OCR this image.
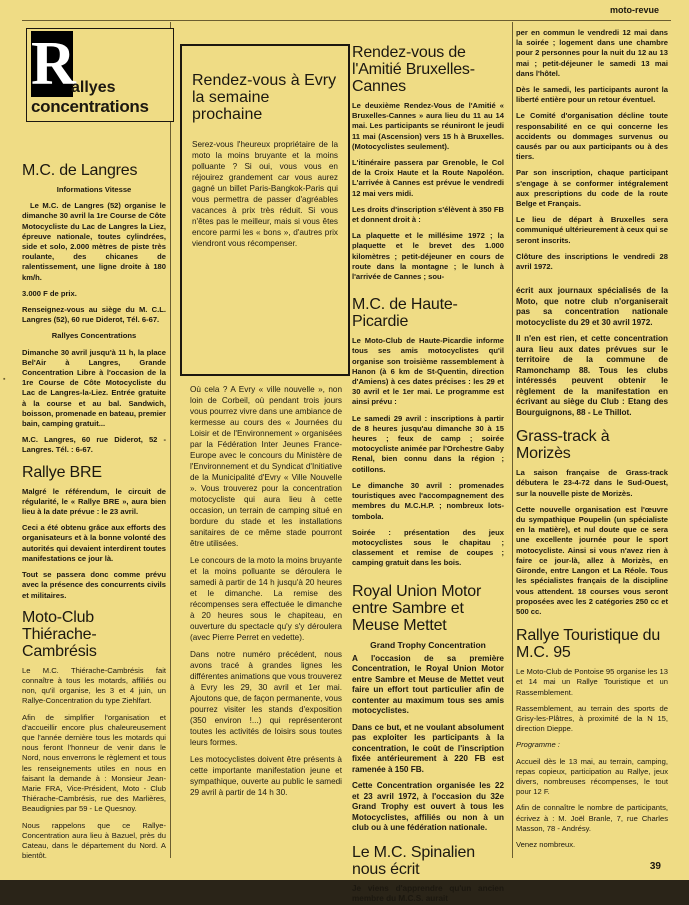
moto-revue
▪
R
allyes
concentrations
M.C. de Langres

Informations Vitesse

Le M.C. de Langres (52) organise le dimanche 30 avril la 1re Course de Côte Motocycliste du Lac de Langres la Liez, épreuve nationale, toutes cylindrées, side et solo, 2.000 mètres de piste très roulante, des chicanes de ralentissement, une ligne droite à 180 km/h.

3.000 F de prix.

Renseignez-vous au siège du M. C.L. Langres (52), 60 rue Diderot, Tél. 6-67.

Rallyes Concentrations

Dimanche 30 avril jusqu'à 11 h, la place Bel'Air à Langres, Grande Concentration Libre à l'occasion de la 1re Course de Côte Motocycliste du Lac de Langres-la-Liez. Entrée gratuite à la course et au bal. Sandwich, boisson, promenade en bateau, premier bain, camping gratuit...

M.C. Langres, 60 rue Diderot, 52 - Langres. Tél. : 6-67.

Rallye BRE

Malgré le référendum, le circuit de régularité, le « Rallye BRE », aura bien lieu à la date prévue : le 23 avril.

Ceci a été obtenu grâce aux efforts des organisateurs et à la bonne volonté des autorités qui devaient interdirent toutes manifestations ce jour là.

Tout se passera donc comme prévu avec la présence des concurrents civils et militaires.

Moto-Club Thiérache-Cambrésis

Le M.C. Thiérache-Cambrésis fait connaître à tous les motards, affiliés ou non, qu'il organise, les 3 et 4 juin, un Rallye-Concentration du type Ziehlfart.

Afin de simplifier l'organisation et d'accueillir encore plus chaleureusement que l'année dernière tous les motards qui nous feront l'honneur de venir dans le Nord, nous enverrons le règlement et tous les renseignements utiles en nous en faisant la demande à : Monsieur Jean-Marie FRA, Vice-Président, Moto - Club Thiérache-Cambrésis, rue des Marlières, Beaudignies par 59 - Le Quesnoy.

Nous rappelons que ce Rallye-Concentration aura lieu à Bazuel, près du Cateau, dans le département du Nord. A bientôt.

Rendez-vous à Evry la semaine prochaine

Serez-vous l'heureux propriétaire de la moto la moins bruyante et la moins polluante ? Si oui, vous vous en réjouirez grandement car vous aurez gagné un billet Paris-Bangkok-Paris qui vous permettra de passer d'agréables vacances à prix très réduit. Si vous n'êtes pas le meilleur, mais si vous êtes encore parmi les « bons », d'autres prix viendront vous récompenser.

Où cela ? A Evry « ville nouvelle », non loin de Corbeil, où pendant trois jours vous pourrez vivre dans une ambiance de kermesse au cours des « Journées du Loisir et de l'Environnement » organisées par la Fédération Inter Jeunes France-Europe avec le concours du Ministère de l'Environnement et du Syndicat d'Initiative de la Municipalité d'Evry « Ville Nouvelle ». Vous trouverez pour la concentration motocycliste qui aura lieu à cette occasion, un terrain de camping situé en bordure du stade et les installations sanitaires de ce même stade pourront être utilisées.

Le concours de la moto la moins bruyante et la moins polluante se déroulera le samedi à partir de 14 h jusqu'à 20 heures et le dimanche. La remise des récompenses sera effectuée le dimanche à 20 heures sous le chapiteau, en ouverture du spectacle qu'y s'y déroulera (avec Pierre Perret en vedette).

Dans notre numéro précédent, nous avons tracé à grandes lignes les différentes animations que vous trouverez à Evry les 29, 30 avril et 1er mai. Ajoutons que, de façon permanente, vous pourrez visiter les stands d'exposition (350 environ !...) qui représenteront toutes les activités de loisirs sous toutes leurs formes.

Les motocyclistes doivent être présents à cette importante manifestation jeune et sympathique, ouverte au public le samedi 29 avril à partir de 14 h 30.

Rendez-vous de l'Amitié Bruxelles-Cannes

Le deuxième Rendez-Vous de l'Amitié « Bruxelles-Cannes » aura lieu du 11 au 14 mai. Les participants se réuniront le jeudi 11 mai (Ascension) vers 15 h à Bruxelles. (Motocyclistes seulement).

L'itinéraire passera par Grenoble, le Col de la Croix Haute et la Route Napoléon. L'arrivée à Cannes est prévue le vendredi 12 mai vers midi.

Les droits d'inscription s'élèvent à 350 FB et donnent droit à :

La plaquette et le millésime 1972 ; la plaquette et le brevet des 1.000 kilomètres ; petit-déjeuner en cours de route dans la montagne ; le lunch à l'arrivée de Cannes ; sou-

M.C. de Haute-Picardie

Le Moto-Club de Haute-Picardie informe tous ses amis motocyclistes qu'il organise son troisième rassemblement à Hanon (à 6 km de St-Quentin, direction d'Amiens) à ces dates précises : les 29 et 30 avril et le 1er mai. Le programme est ainsi prévu :

Le samedi 29 avril : inscriptions à partir de 8 heures jusqu'au dimanche 30 à 15 heures ; feux de camp ; soirée motocycliste animée par l'Orchestre Gaby Renal, bien connu dans la région ; cotillons.

Le dimanche 30 avril : promenades touristiques avec l'accompagnement des membres du M.C.H.P. ; nombreux lots-tombola.

Soirée : présentation des jeux motocyclistes sous le chapitau ; classement et remise de coupes ; camping gratuit dans les bois.

Royal Union Motor entre Sambre et Meuse Mettet
Grand Trophy Concentration

A l'occasion de sa première Concentration, le Royal Union Motor entre Sambre et Meuse de Mettet veut faire un effort tout particulier afin de contenter au maximum tous ses amis motocyclistes.

Dans ce but, et ne voulant absolument pas exploiter les participants à la concentration, le coût de l'inscription fixée antérieurement à 220 FB est ramenée à 150 FB.

Cette Concentration organisée les 22 et 23 avril 1972, à l'occasion du 32e Grand Trophy est ouvert à tous les Motocyclistes, affiliés ou non à un club ou à une fédération nationale.

Le M.C. Spinalien nous écrit

Je viens d'apprendre qu'un ancien membre du M.C.S. aurait

per en commun le vendredi 12 mai dans la soirée ; logement dans une chambre pour 2 personnes pour la nuit du 12 au 13 mai ; petit-déjeuner le samedi 13 mai dans l'hôtel.

Dès le samedi, les participants auront la liberté entière pour un retour éventuel.

Le Comité d'organisation décline toute responsabilité en ce qui concerne les accidents ou dommages survenus ou causés par ou aux participants ou à des tiers.

Par son inscription, chaque participant s'engage à se conformer intégralement aux prescriptions du code de la route Belge et Français.

Le lieu de départ à Bruxelles sera communiqué ultérieurement à ceux qui se seront inscrits.

Clôture des inscriptions le vendredi 28 avril 1972.

écrit aux journaux spécialisés de la Moto, que notre club n'organiserait pas sa concentration nationale motocycliste du 29 et 30 avril 1972.

Il n'en est rien, et cette concentration aura lieu aux dates prévues sur le territoire de la commune de Ramonchamp 88. Tous les clubs intéressés peuvent obtenir le règlement de la manifestation en écrivant au siège du Club : Etang des Bourguignons, 88 - Le Thillot.

Grass-track à Morizès

La saison française de Grass-track débutera le 23-4-72 dans le Sud-Ouest, sur la nouvelle piste de Morizès.

Cette nouvelle organisation est l'œuvre du sympathique Poupelin (un spécialiste en la matière), et nul doute que ce sera une excellente journée pour le sport motocycliste. Ainsi si vous n'avez rien à faire ce jour-là, allez à Morizès, en Gironde, entre Langon et La Réole. Tous les spécialistes français de la discipline vous attendent. 18 courses vous seront proposées avec les 2 catégories 250 cc et 500 cc.

Rallye Touristique du M.C. 95

Le Moto-Club de Pontoise 95 organise les 13 et 14 mai un Rallye Touristique et un Rassemblement.

Rassemblement, au terrain des sports de Grisy-les-Plâtres, à proximité de la N 15, direction Dieppe.

Programme :

Accueil dès le 13 mai, au terrain, camping, repas copieux, participation au Rallye, jeux divers, nombreuses récompenses, le tout pour 12 F.

Afin de connaître le nombre de participants, écrivez à : M. Joël Branle, 7, rue Charles Masson, 78 - Andrésy.

Venez nombreux.

39
